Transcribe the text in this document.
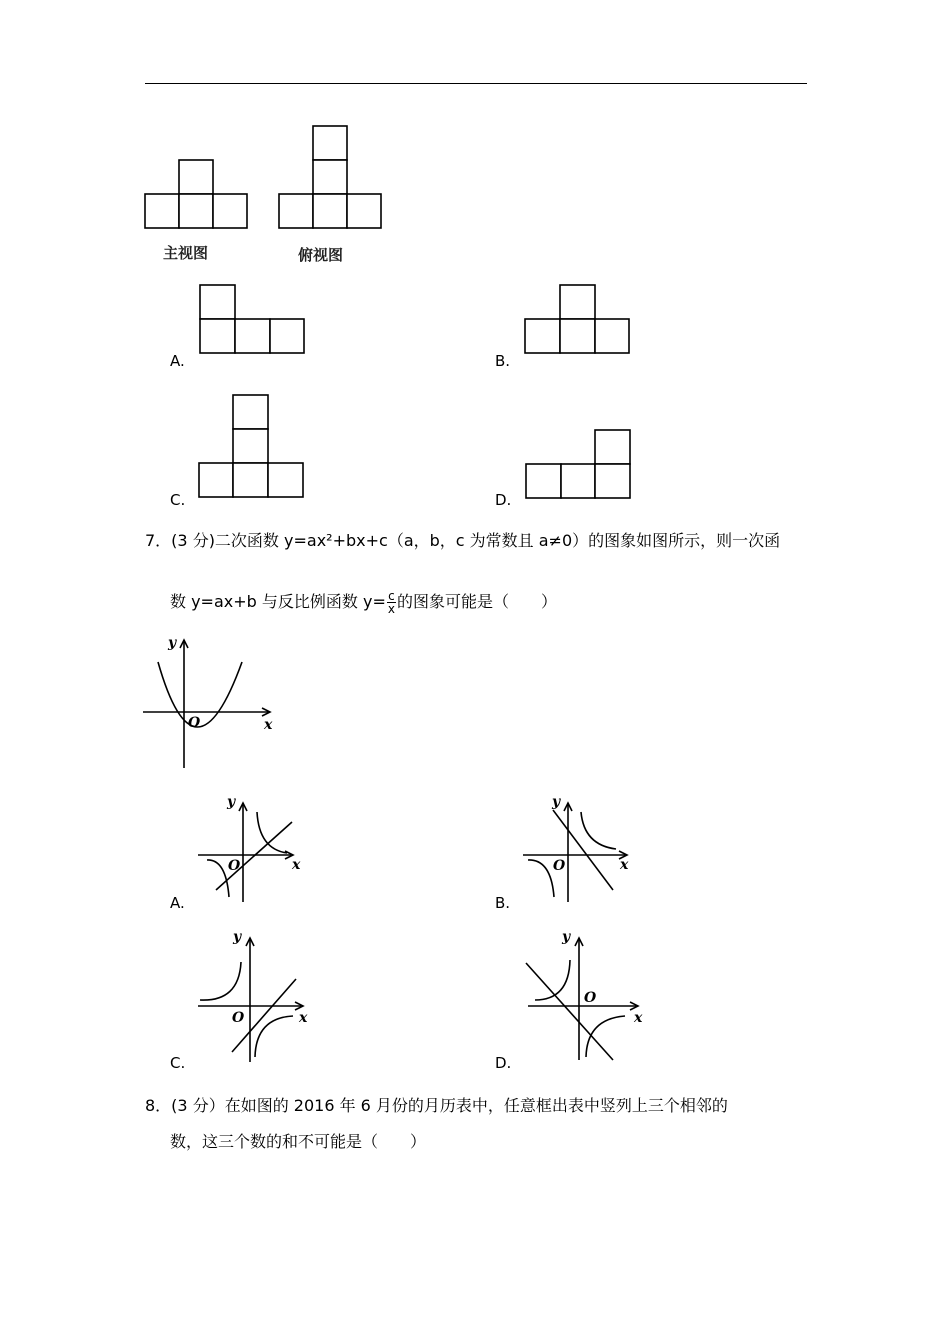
主视图	俯视图
A.	B.
C.	D.
7．(3 分)二次函数 y=ax²+bx+c（a，b，c 为常数且 a≠0）的图象如图所示，则一次函
数 y=ax+b 与反比例函数 $y= \frac{c}{x}$ 的图象可能是（　　）
x
y
O
A.
x
y
O
B.
x
y
O
C.
x
y
O
D.
x
y
O
8．(3 分）在如图的 2016 年 6 月份的月历表中，任意框出表中竖列上三个相邻的
数，这三个数的和不可能是（　　）
